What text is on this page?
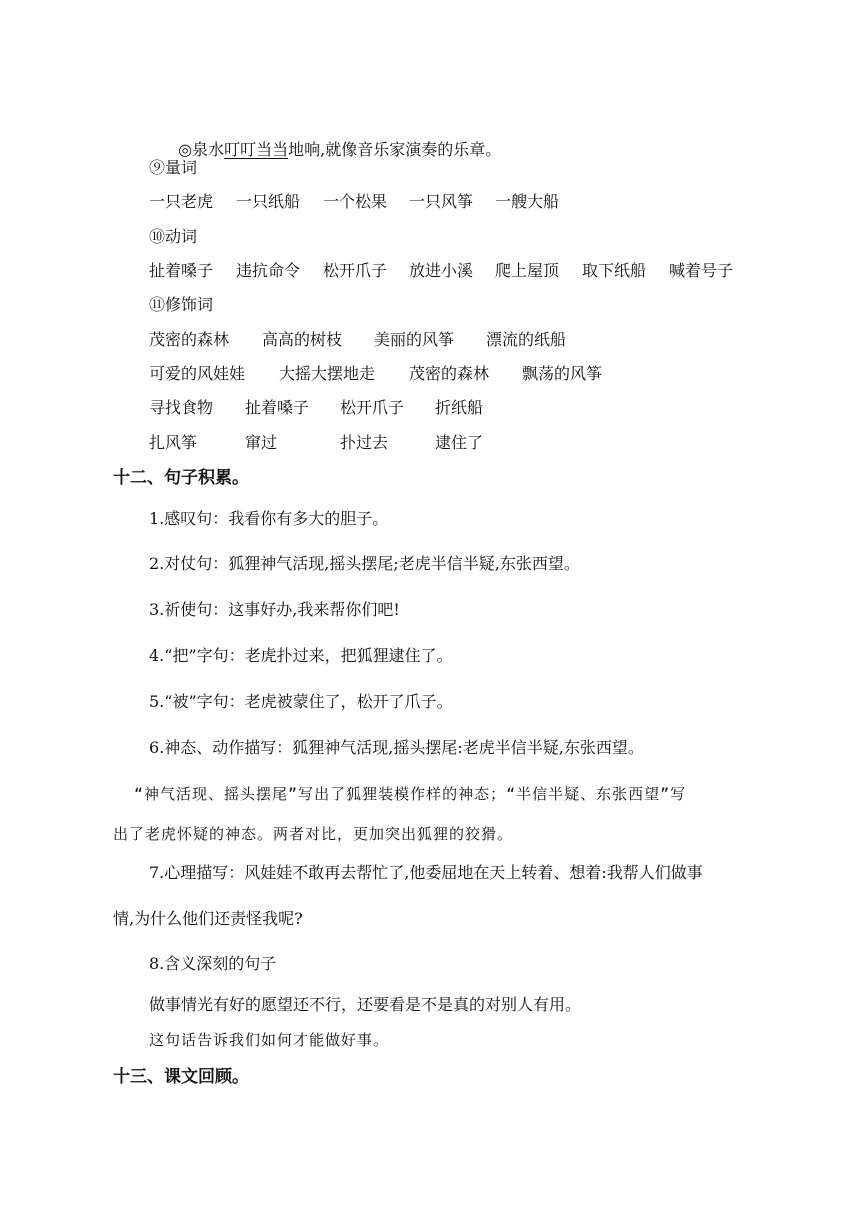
◎泉水叮叮当当地响,就像音乐家演奏的乐章。

⑨量词
一只老虎 一只纸船 一个松果 一只风筝 一艘大船
⑩动词
扯着嗓子 违抗命令 松开爪子 放进小溪 爬上屋顶 取下纸船 喊着号子
⑪修饰词
茂密的森林 高高的树枝 美丽的风筝 漂流的纸船
可爱的风娃娃 大摇大摆地走 茂密的森林 飘荡的风筝
寻找食物 扯着嗓子 松开爪子 折纸船
扎风筝	窜过	扑过去	逮住了
十二、句子积累。
1.感叹句：我看你有多大的胆子。
2.对仗句：狐狸神气活现,摇头摆尾;老虎半信半疑,东张西望。
3.祈使句：这事好办,我来帮你们吧!
4.“把”字句：老虎扑过来，把狐狸逮住了。
5.“被”字句：老虎被蒙住了，松开了爪子。
6.神态、动作描写：狐狸神气活现,摇头摆尾:老虎半信半疑,东张西望。
“神气活现、摇头摆尾”写出了狐狸装模作样的神态；“半信半疑、东张西望”写
出了老虎怀疑的神态。两者对比，更加突出狐狸的狡猾。
7.心理描写：风娃娃不敢再去帮忙了,他委屈地在天上转着、想着:我帮人们做事
情,为什么他们还责怪我呢?
8.含义深刻的句子
做事情光有好的愿望还不行，还要看是不是真的对别人有用。
这句话告诉我们如何才能做好事。
十三、课文回顾。
